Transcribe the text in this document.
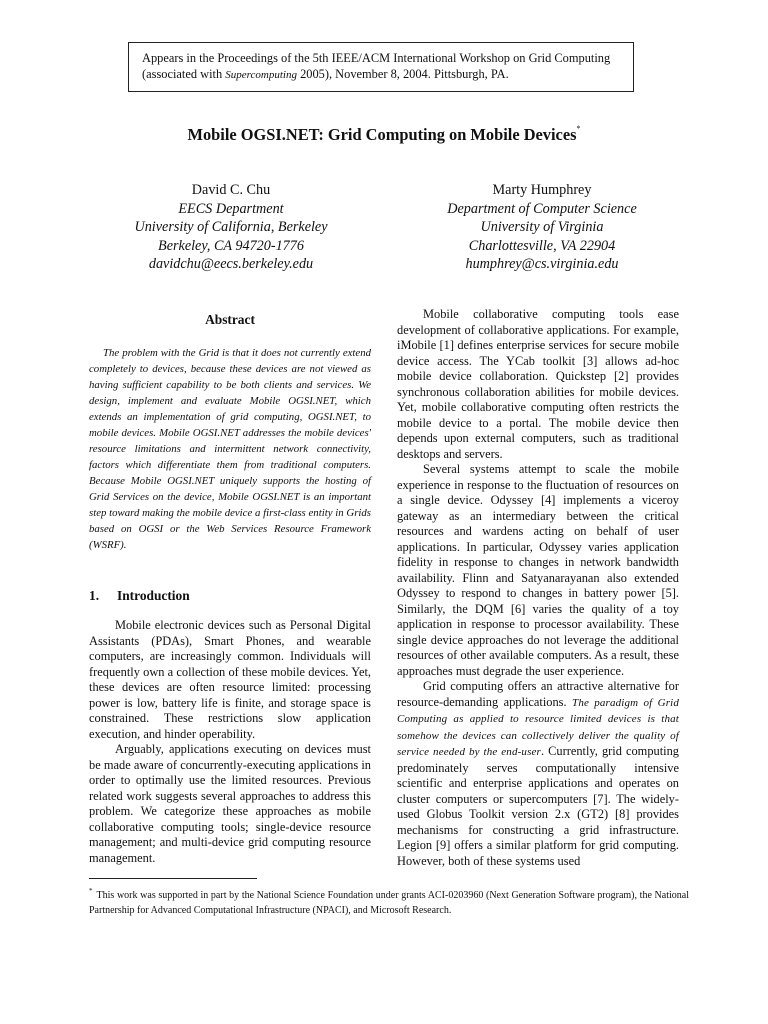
Appears in the Proceedings of the 5th IEEE/ACM International Workshop on Grid Computing
(associated with Supercomputing 2005), November 8, 2004. Pittsburgh, PA.
Mobile OGSI.NET: Grid Computing on Mobile Devices*
David C. Chu
EECS Department
University of California, Berkeley
Berkeley, CA 94720-1776
davidchu@eecs.berkeley.edu
Marty Humphrey
Department of Computer Science
University of Virginia
Charlottesville, VA 22904
humphrey@cs.virginia.edu
Abstract
The problem with the Grid is that it does not currently extend completely to devices, because these devices are not viewed as having sufficient capability to be both clients and services. We design, implement and evaluate Mobile OGSI.NET, which extends an implementation of grid computing, OGSI.NET, to mobile devices. Mobile OGSI.NET addresses the mobile devices' resource limitations and intermittent network connectivity, factors which differentiate them from traditional computers. Because Mobile OGSI.NET uniquely supports the hosting of Grid Services on the device, Mobile OGSI.NET is an important step toward making the mobile device a first-class entity in Grids based on OGSI or the Web Services Resource Framework (WSRF).
1. Introduction

Mobile electronic devices such as Personal Digital Assistants (PDAs), Smart Phones, and wearable computers, are increasingly common. Individuals will frequently own a collection of these mobile devices. Yet, these devices are often resource limited: processing power is low, battery life is finite, and storage space is constrained. These restrictions slow application execution, and hinder operability.

Arguably, applications executing on devices must be made aware of concurrently-executing applications in order to optimally use the limited resources. Previous related work suggests several approaches to address this problem. We categorize these approaches as mobile collaborative computing tools; single-device resource management; and multi-device grid computing resource management.

Mobile collaborative computing tools ease development of collaborative applications. For example, iMobile [1] defines enterprise services for secure mobile device access. The YCab toolkit [3] allows ad-hoc mobile device collaboration. Quickstep [2] provides synchronous collaboration abilities for mobile devices. Yet, mobile collaborative computing often restricts the mobile device to a portal. The mobile device then depends upon external computers, such as traditional desktops and servers.

Several systems attempt to scale the mobile experience in response to the fluctuation of resources on a single device. Odyssey [4] implements a viceroy gateway as an intermediary between the critical resources and wardens acting on behalf of user applications. In particular, Odyssey varies application fidelity in response to changes in network bandwidth availability. Flinn and Satyanarayanan also extended Odyssey to respond to changes in battery power [5]. Similarly, the DQM [6] varies the quality of a toy application in response to processor availability. These single device approaches do not leverage the additional resources of other available computers. As a result, these approaches must degrade the user experience.

Grid computing offers an attractive alternative for resource-demanding applications. The paradigm of Grid Computing as applied to resource limited devices is that somehow the devices can collectively deliver the quality of service needed by the end-user. Currently, grid computing predominately serves computationally intensive scientific and enterprise applications and operates on cluster computers or supercomputers [7]. The widely-used Globus Toolkit version 2.x (GT2) [8] provides mechanisms for constructing a grid infrastructure. Legion [9] offers a similar platform for grid computing. However, both of these systems used

* This work was supported in part by the National Science Foundation under grants ACI-0203960 (Next Generation Software program), the National Partnership for Advanced Computational Infrastructure (NPACI), and Microsoft Research.
